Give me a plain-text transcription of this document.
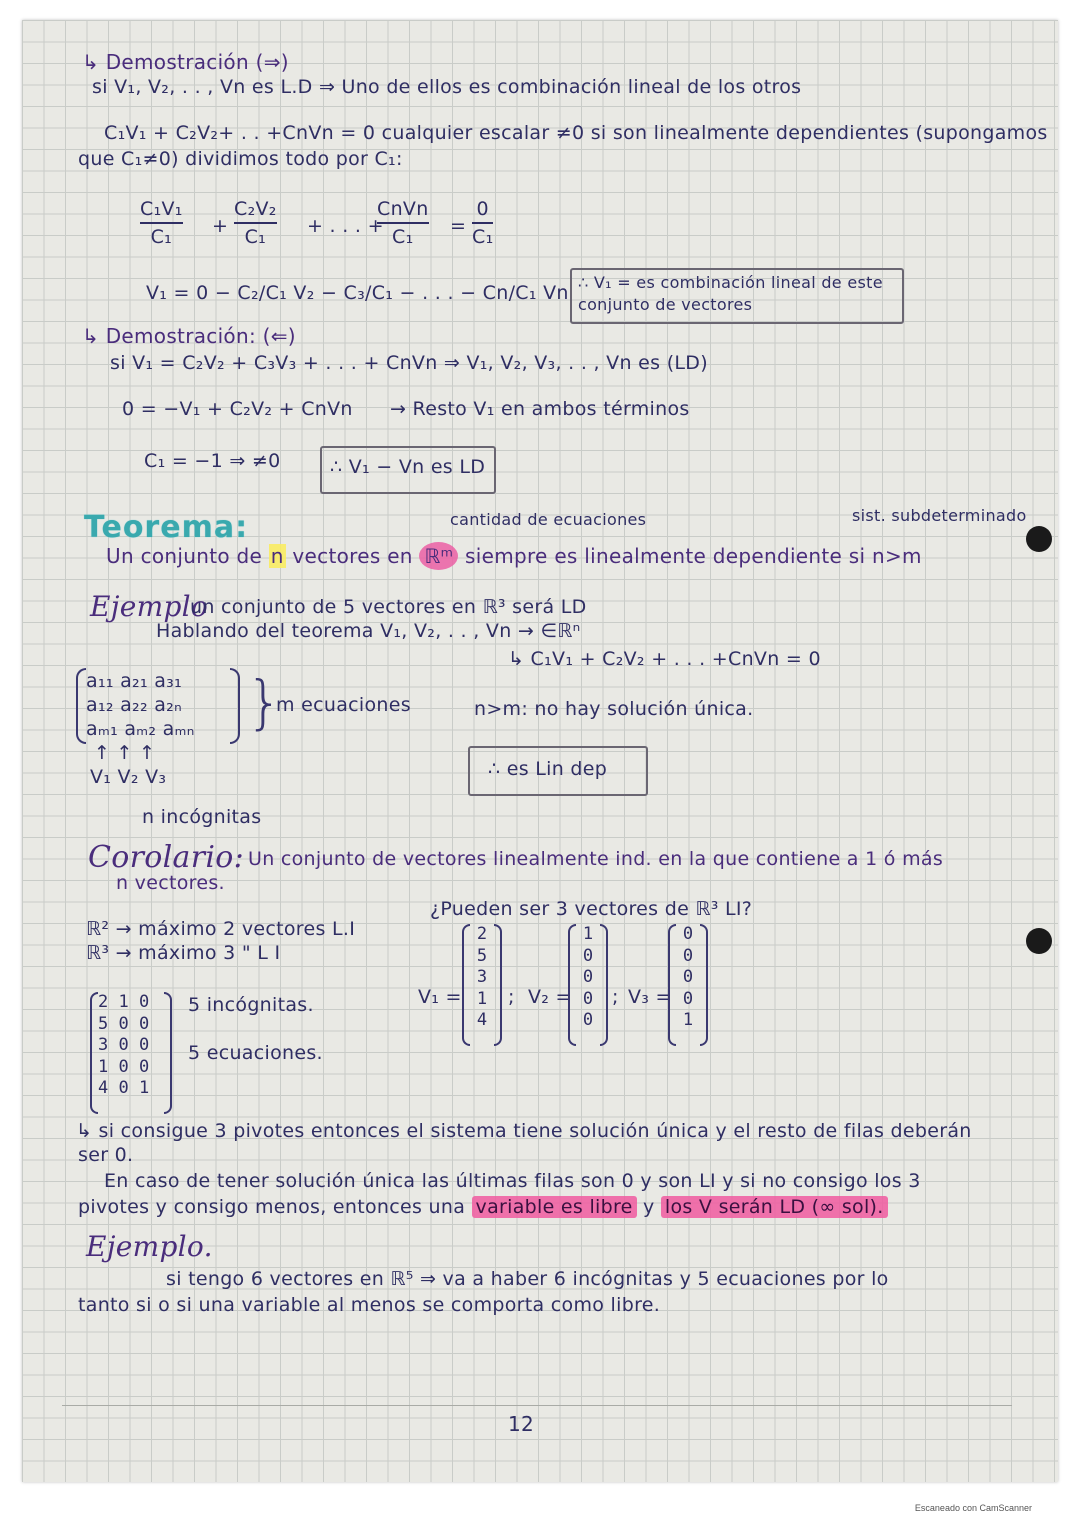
↳ Demostración (⇒)
si V₁, V₂, . . , Vn es L.D ⇒ Uno de ellos es combinación lineal de los otros
C₁V₁ + C₂V₂+ . . +CnVn = 0 cualquier escalar ≠0 si son linealmente dependientes (supongamos
que C₁≠0) dividimos todo por C₁:
C₁V₁
C₁	+
C₂V₂
C₁	+ . . . +
CnVn
C₁	=
0
C₁
V₁ = 0 − C₂/C₁ V₂ − C₃/C₁ − . . . − Cn/C₁ Vn ∴ V₁ = es combinación lineal de este conjunto de vectores
↳ Demostración: (⇐)
si V₁ = C₂V₂ + C₃V₃ + . . . + CnVn ⇒ V₁, V₂, V₃, . . , Vn es (LD)
0 = −V₁ + C₂V₂ + CnVn → Resto V₁ en ambos términos
C₁ = −1 ⇒ ≠0	∴ V₁ − Vn es LD
Teorema:	cantidad de ecuaciones	sist. subdeterminado
Un conjunto de n vectores en ℝᵐ siempre es linealmente dependiente si n>m
Ejemplo
un conjunto de 5 vectores en ℝ³ será LD
Hablando del teorema V₁, V₂, . . , Vn → ∈ℝⁿ
↳ C₁V₁ + C₂V₂ + . . . +CnVn = 0
a₁₁ a₂₁ a₃₁
a₁₂ a₂₂ a₂ₙ
aₘ₁ aₘ₂ aₘₙ
↑ ↑ ↑
V₁ V₂ V₃
}
m ecuaciones
n incógnitas
n>m: no hay solución única.
∴ es Lin dep
Corolario: Un conjunto de vectores linealmente ind. en la que contiene a 1 ó más
n vectores.
ℝ² → máximo 2 vectores L.I
ℝ³ → máximo 3 " L I
¿Pueden ser 3 vectores de ℝ³ LI?
V₁ =
2
5
3
1
4
; V₂ =
1
0
0
0
0
; V₃ =
0
0
0
0
1
2 1 0
5 0 0
3 0 0
1 0 0
4 0 1
5 incógnitas.
5 ecuaciones.
↳ si consigue 3 pivotes entonces el sistema tiene solución única y el resto de filas deberán
ser 0.
En caso de tener solución única las últimas filas son 0 y son LI y si no consigo los 3
pivotes y consigo menos, entonces una variable es libre y los V serán LD (∞ sol).
Ejemplo.
si tengo 6 vectores en ℝ⁵ ⇒ va a haber 6 incógnitas y 5 ecuaciones por lo
tanto si o si una variable al menos se comporta como libre.
12
Escaneado con CamScanner
